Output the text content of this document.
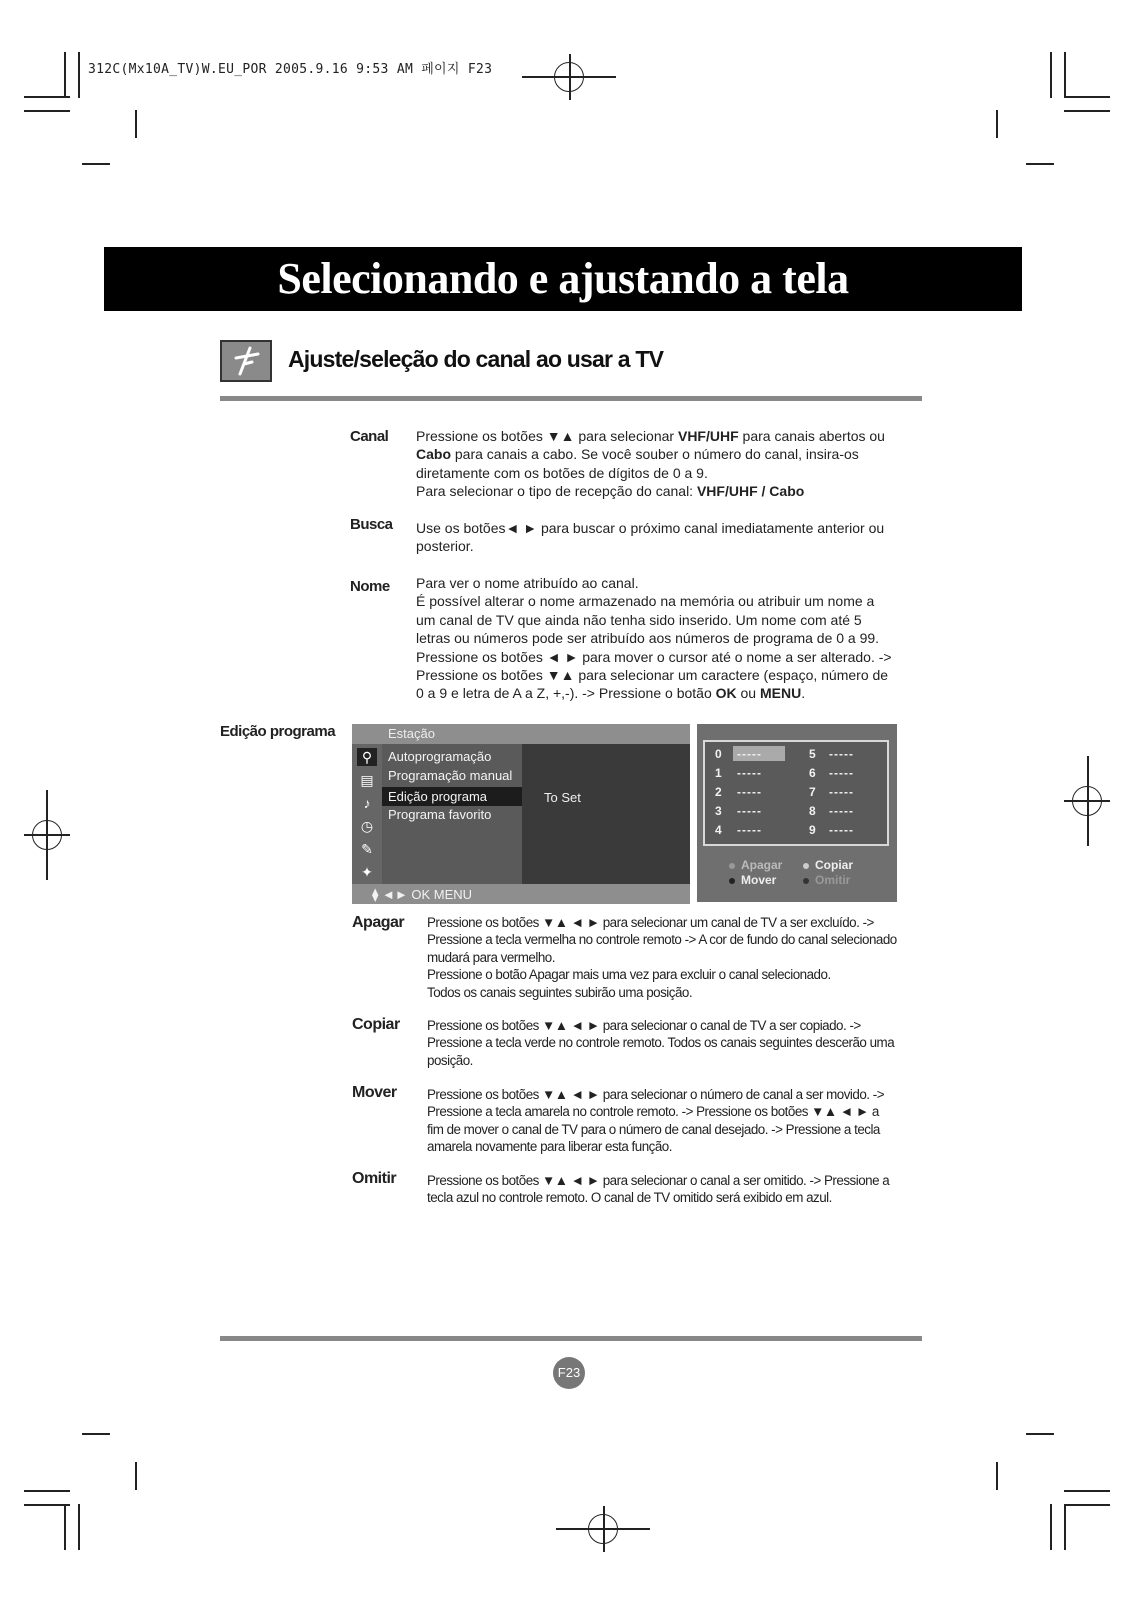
312C(Mx10A_TV)W.EU_POR 2005.9.16 9:53 AM 페이지 F23
Selecionando e ajustando a tela
Ajuste/seleção do canal ao usar a TV
Canal Pressione os botões ▼▲ para selecionar VHF/UHF para canais abertos ou
Cabo para canais a cabo. Se você souber o número do canal, insira-os
diretamente com os botões de dígitos de 0 a 9.
Para selecionar o tipo de recepção do canal: VHF/UHF / Cabo
Busca Use os botões◄ ► para buscar o próximo canal imediatamente anterior ou
posterior.
Nome Para ver o nome atribuído ao canal.
É possível alterar o nome armazenado na memória ou atribuir um nome a
um canal de TV que ainda não tenha sido inserido. Um nome com até 5
letras ou números pode ser atribuído aos números de programa de 0 a 99.
Pressione os botões ◄ ► para mover o cursor até o nome a ser alterado. ->
Pressione os botões ▼▲ para selecionar um caractere (espaço, número de
0 a 9 e letra de A a Z, +,-). -> Pressione o botão OK ou MENU.
Edição programa	Estação
⚲
▤
♪
◷
✎
✦
Autoprogramação
Programação manual
Edição programa
Programa favorito
To Set
⧫ ◄► OK MENU
0 -----
1 -----
2 -----
3 -----
4 -----
5 -----
6 -----
7 -----
8 -----
9 -----
Apagar	Copiar
Mover	Omitir
Apagar Pressione os botões ▼▲ ◄ ► para selecionar um canal de TV a ser excluído. ->
Pressione a tecla vermelha no controle remoto -> A cor de fundo do canal selecionado
mudará para vermelho.
Pressione o botão Apagar mais uma vez para excluir o canal selecionado.
Todos os canais seguintes subirão uma posição.
Copiar Pressione os botões ▼▲ ◄ ► para selecionar o canal de TV a ser copiado. ->
Pressione a tecla verde no controle remoto. Todos os canais seguintes descerão uma
posição.
Mover Pressione os botões ▼▲ ◄ ► para selecionar o número de canal a ser movido. ->
Pressione a tecla amarela no controle remoto. -> Pressione os botões ▼▲ ◄ ► a
fim de mover o canal de TV para o número de canal desejado. -> Pressione a tecla
amarela novamente para liberar esta função.
Omitir Pressione os botões ▼▲ ◄ ► para selecionar o canal a ser omitido. -> Pressione a
tecla azul no controle remoto. O canal de TV omitido será exibido em azul.
F23
